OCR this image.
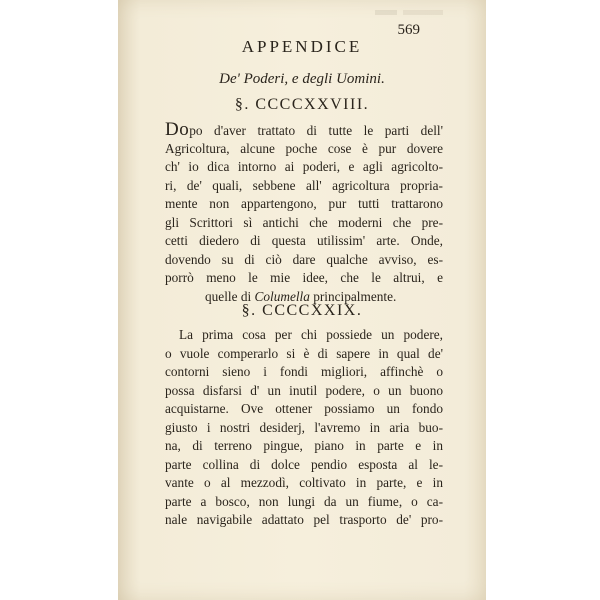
569
APPENDICE
De' Poderi, e degli Uomini.
§. CCCCXXVIII.
Dopo d'aver trattato di tutte le parti dell'
Agricoltura, alcune poche cose è pur dovere
ch' io dica intorno ai poderi, e agli agricolto-
ri, de' quali, sebbene all' agricoltura propria-
mente non appartengono, pur tutti trattarono
gli Scrittori sì antichi che moderni che pre-
cetti diedero di questa utilissim' arte. Onde,
dovendo su di ciò dare qualche avviso, es-
porrò meno le mie idee, che le altrui, e
quelle di Columella principalmente.
§. CCCCXXIX.
La prima cosa per chi possiede un podere,
o vuole comperarlo si è di sapere in qual de'
contorni sieno i fondi migliori, affinchè o
possa disfarsi d' un inutil podere, o un buono
acquistarne. Ove ottener possiamo un fondo
giusto i nostri desiderj, l'avremo in aria buo-
na, di terreno pingue, piano in parte e in
parte collina di dolce pendio esposta al le-
vante o al mezzodì, coltivato in parte, e in
parte a bosco, non lungi da un fiume, o ca-
nale navigabile adattato pel trasporto de' pro-
